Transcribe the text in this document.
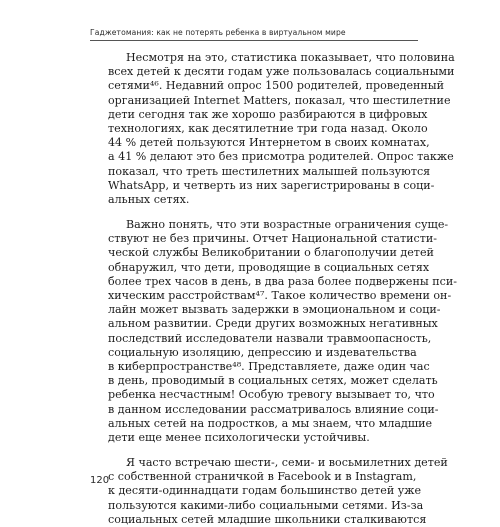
Гаджетомания: как не потерять ребенка в виртуальном мире
Несмотря на это, статистика показывает, что половина
всех детей к десяти годам уже пользовалась социальными
сетями⁴⁶. Недавний опрос 1500 родителей, проведенный
организацией Internet Matters, показал, что шестилетние
дети сегодня так же хорошо разбираются в цифровых
технологиях, как десятилетние три года назад. Около
44 % детей пользуются Интернетом в своих комнатах,
а 41 % делают это без присмотра родителей. Опрос также
показал, что треть шестилетних малышей пользуются
WhatsApp, и четверть из них зарегистрированы в соци-
альных сетях.
Важно понять, что эти возрастные ограничения суще-
ствуют не без причины. Отчет Национальной статисти-
ческой службы Великобритании о благополучии детей
обнаружил, что дети, проводящие в социальных сетях
более трех часов в день, в два раза более подвержены пси-
хическим расстройствам⁴⁷. Такое количество времени он-
лайн может вызвать задержки в эмоциональном и соци-
альном развитии. Среди других возможных негативных
последствий исследователи назвали травмоопасность,
социальную изоляцию, депрессию и издевательства
в киберпространстве⁴⁸. Представляете, даже один час
в день, проводимый в социальных сетях, может сделать
ребенка несчастным! Особую тревогу вызывает то, что
в данном исследовании рассматривалось влияние соци-
альных сетей на подростков, а мы знаем, что младшие
дети еще менее психологически устойчивы.
Я часто встречаю шести-, семи- и восьмилетних детей
с собственной страничкой в Facebook и в Instagram,
к десяти-одиннадцати годам большинство детей уже
пользуются какими-либо социальными сетями. Из-за
социальных сетей младшие школьники сталкиваются
120
